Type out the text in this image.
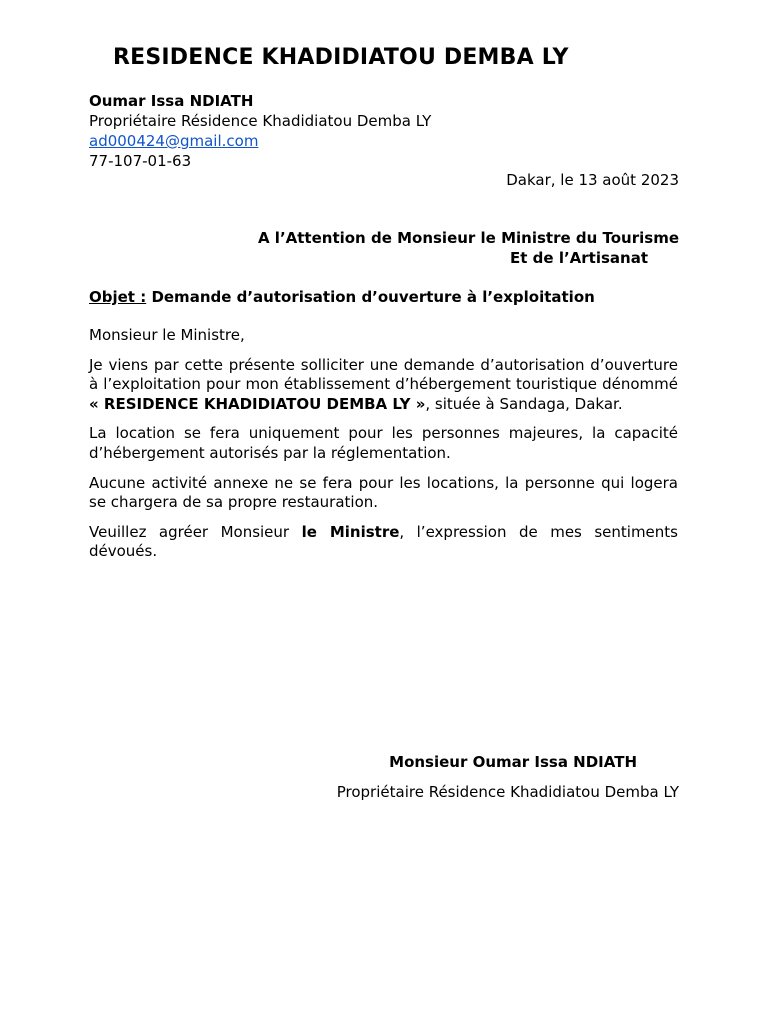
RESIDENCE KHADIDIATOU DEMBA LY
Oumar Issa NDIATH
Propriétaire Résidence Khadidiatou Demba LY
ad000424@gmail.com
77-107-01-63
Dakar, le 13 août 2023
A l’Attention de Monsieur le Ministre du Tourisme
Et de l’Artisanat
Objet : Demande d’autorisation d’ouverture à l’exploitation

Monsieur le Ministre,

Je viens par cette présente solliciter une demande d’autorisation d’ouverture à l’exploitation pour mon établissement d’hébergement touristique dénommé « RESIDENCE KHADIDIATOU DEMBA LY », située à Sandaga, Dakar.

La location se fera uniquement pour les personnes majeures, la capacité d’hébergement autorisés par la réglementation.

Aucune activité annexe ne se fera pour les locations, la personne qui logera se chargera de sa propre restauration.

Veuillez agréer Monsieur le Ministre, l’expression de mes sentiments dévoués.

Monsieur Oumar Issa NDIATH
Propriétaire Résidence Khadidiatou Demba LY
